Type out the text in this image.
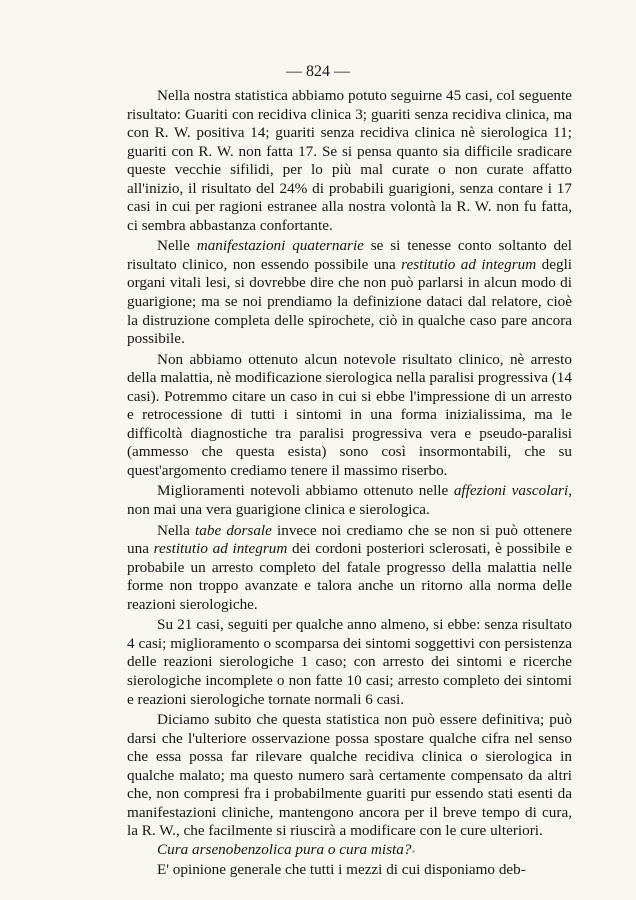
— 824 —

Nella nostra statistica abbiamo potuto seguirne 45 casi, col seguente risultato: Guariti con recidiva clinica 3; guariti senza recidiva clinica, ma con R. W. positiva 14; guariti senza recidiva clinica nè sierologica 11; guariti con R. W. non fatta 17. Se si pensa quanto sia difficile sradicare queste vecchie sifilidi, per lo più mal curate o non curate affatto all'inizio, il risultato del 24% di probabili guarigioni, senza contare i 17 casi in cui per ragioni estranee alla nostra volontà la R. W. non fu fatta, ci sembra abbastanza confortante.

Nelle manifestazioni quaternarie se si tenesse conto soltanto del risultato clinico, non essendo possibile una restitutio ad integrum degli organi vitali lesi, si dovrebbe dire che non può parlarsi in alcun modo di guarigione; ma se noi prendiamo la definizione dataci dal relatore, cioè la distruzione completa delle spirochete, ciò in qualche caso pare ancora possibile.

Non abbiamo ottenuto alcun notevole risultato clinico, nè arresto della malattia, nè modificazione sierologica nella paralisi progressiva (14 casi). Potremmo citare un caso in cui si ebbe l'impressione di un arresto e retrocessione di tutti i sintomi in una forma inizialissima, ma le difficoltà diagnostiche tra paralisi progressiva vera e pseudo-paralisi (ammesso che questa esista) sono così insormontabili, che su quest'argomento crediamo tenere il massimo riserbo.

Miglioramenti notevoli abbiamo ottenuto nelle affezioni vascolari, non mai una vera guarigione clinica e sierologica.

Nella tabe dorsale invece noi crediamo che se non si può ottenere una restitutio ad integrum dei cordoni posteriori sclerosati, è possibile e probabile un arresto completo del fatale progresso della malattia nelle forme non troppo avanzate e talora anche un ritorno alla norma delle reazioni sierologiche.

Su 21 casi, seguiti per qualche anno almeno, si ebbe: senza risultato 4 casi; miglioramento o scomparsa dei sintomi soggettivi con persistenza delle reazioni sierologiche 1 caso; con arresto dei sintomi e ricerche sierologiche incomplete o non fatte 10 casi; arresto completo dei sintomi e reazioni sierologiche tornate normali 6 casi.

Diciamo subito che questa statistica non può essere definitiva; può darsi che l'ulteriore osservazione possa spostare qualche cifra nel senso che essa possa far rilevare qualche recidiva clinica o sierologica in qualche malato; ma questo numero sarà certamente compensato da altri che, non compresi fra i probabilmente guariti pur essendo stati esenti da manifestazioni cliniche, mantengono ancora per il breve tempo di cura, la R. W., che facilmente si riuscirà a modificare con le cure ulteriori.

Cura arsenobenzolica pura o cura mista?

E' opinione generale che tutti i mezzi di cui disponiamo deb-
